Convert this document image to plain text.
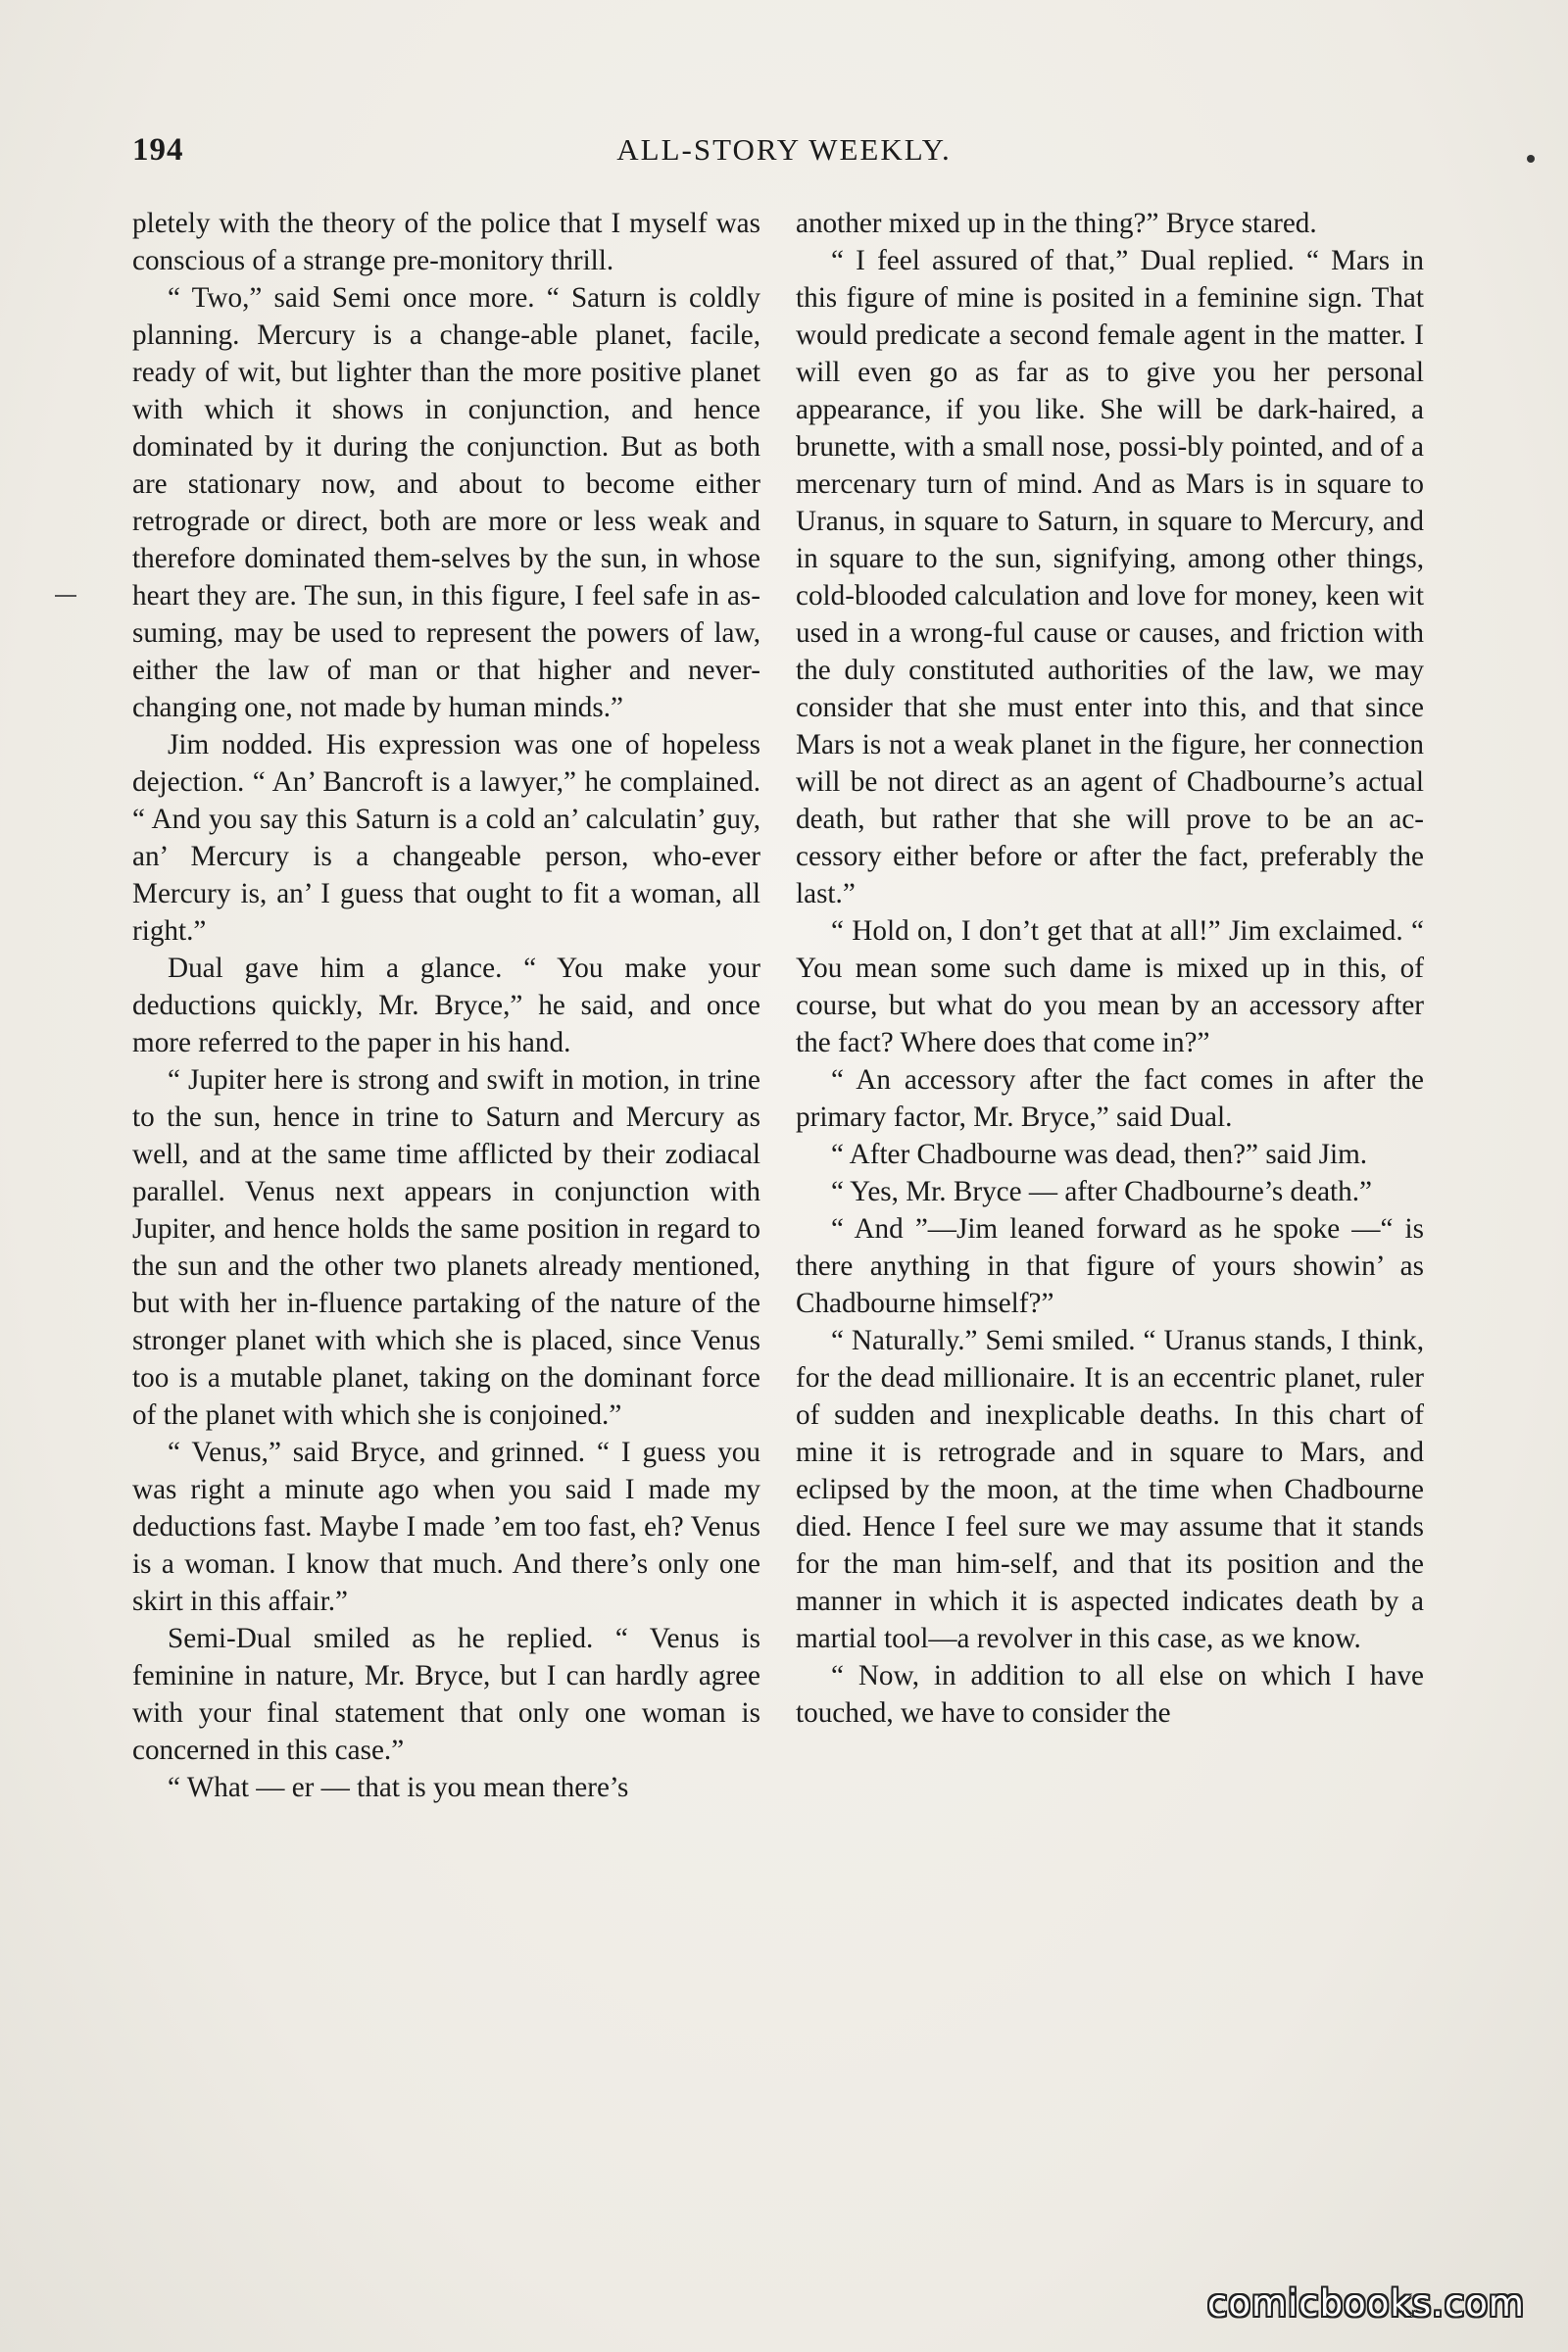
194	ALL-STORY WEEKLY.

pletely with the theory of the police that I myself was conscious of a strange pre-monitory thrill.

“ Two,” said Semi once more. “ Saturn is coldly planning. Mercury is a change-able planet, facile, ready of wit, but lighter than the more positive planet with which it shows in conjunction, and hence dominated by it during the conjunction. But as both are stationary now, and about to become either retrograde or direct, both are more or less weak and therefore dominated them-selves by the sun, in whose heart they are. The sun, in this figure, I feel safe in as-suming, may be used to represent the powers of law, either the law of man or that higher and never-changing one, not made by human minds.”

Jim nodded. His expression was one of hopeless dejection. “ An’ Bancroft is a lawyer,” he complained. “ And you say this Saturn is a cold an’ calculatin’ guy, an’ Mercury is a changeable person, who-ever Mercury is, an’ I guess that ought to fit a woman, all right.”

Dual gave him a glance. “ You make your deductions quickly, Mr. Bryce,” he said, and once more referred to the paper in his hand.

“ Jupiter here is strong and swift in motion, in trine to the sun, hence in trine to Saturn and Mercury as well, and at the same time afflicted by their zodiacal parallel. Venus next appears in conjunction with Jupiter, and hence holds the same position in regard to the sun and the other two planets already mentioned, but with her in-fluence partaking of the nature of the stronger planet with which she is placed, since Venus too is a mutable planet, taking on the dominant force of the planet with which she is conjoined.”

“ Venus,” said Bryce, and grinned. “ I guess you was right a minute ago when you said I made my deductions fast. Maybe I made ’em too fast, eh? Venus is a woman. I know that much. And there’s only one skirt in this affair.”

Semi-Dual smiled as he replied. “ Venus is feminine in nature, Mr. Bryce, but I can hardly agree with your final statement that only one woman is concerned in this case.”

“ What — er — that is you mean there’s

another mixed up in the thing?” Bryce stared.

“ I feel assured of that,” Dual replied. “ Mars in this figure of mine is posited in a feminine sign. That would predicate a second female agent in the matter. I will even go as far as to give you her personal appearance, if you like. She will be dark-haired, a brunette, with a small nose, possi-bly pointed, and of a mercenary turn of mind. And as Mars is in square to Uranus, in square to Saturn, in square to Mercury, and in square to the sun, signifying, among other things, cold-blooded calculation and love for money, keen wit used in a wrong-ful cause or causes, and friction with the duly constituted authorities of the law, we may consider that she must enter into this, and that since Mars is not a weak planet in the figure, her connection will be not direct as an agent of Chadbourne’s actual death, but rather that she will prove to be an ac-cessory either before or after the fact, preferably the last.”

“ Hold on, I don’t get that at all!” Jim exclaimed. “ You mean some such dame is mixed up in this, of course, but what do you mean by an accessory after the fact? Where does that come in?”

“ An accessory after the fact comes in after the primary factor, Mr. Bryce,” said Dual.

“ After Chadbourne was dead, then?” said Jim.

“ Yes, Mr. Bryce — after Chadbourne’s death.”

“ And ”—Jim leaned forward as he spoke —“ is there anything in that figure of yours showin’ as Chadbourne himself?”

“ Naturally.” Semi smiled. “ Uranus stands, I think, for the dead millionaire. It is an eccentric planet, ruler of sudden and inexplicable deaths. In this chart of mine it is retrograde and in square to Mars, and eclipsed by the moon, at the time when Chadbourne died. Hence I feel sure we may assume that it stands for the man him-self, and that its position and the manner in which it is aspected indicates death by a martial tool—a revolver in this case, as we know.

“ Now, in addition to all else on which I have touched, we have to consider the

comicbooks.com
